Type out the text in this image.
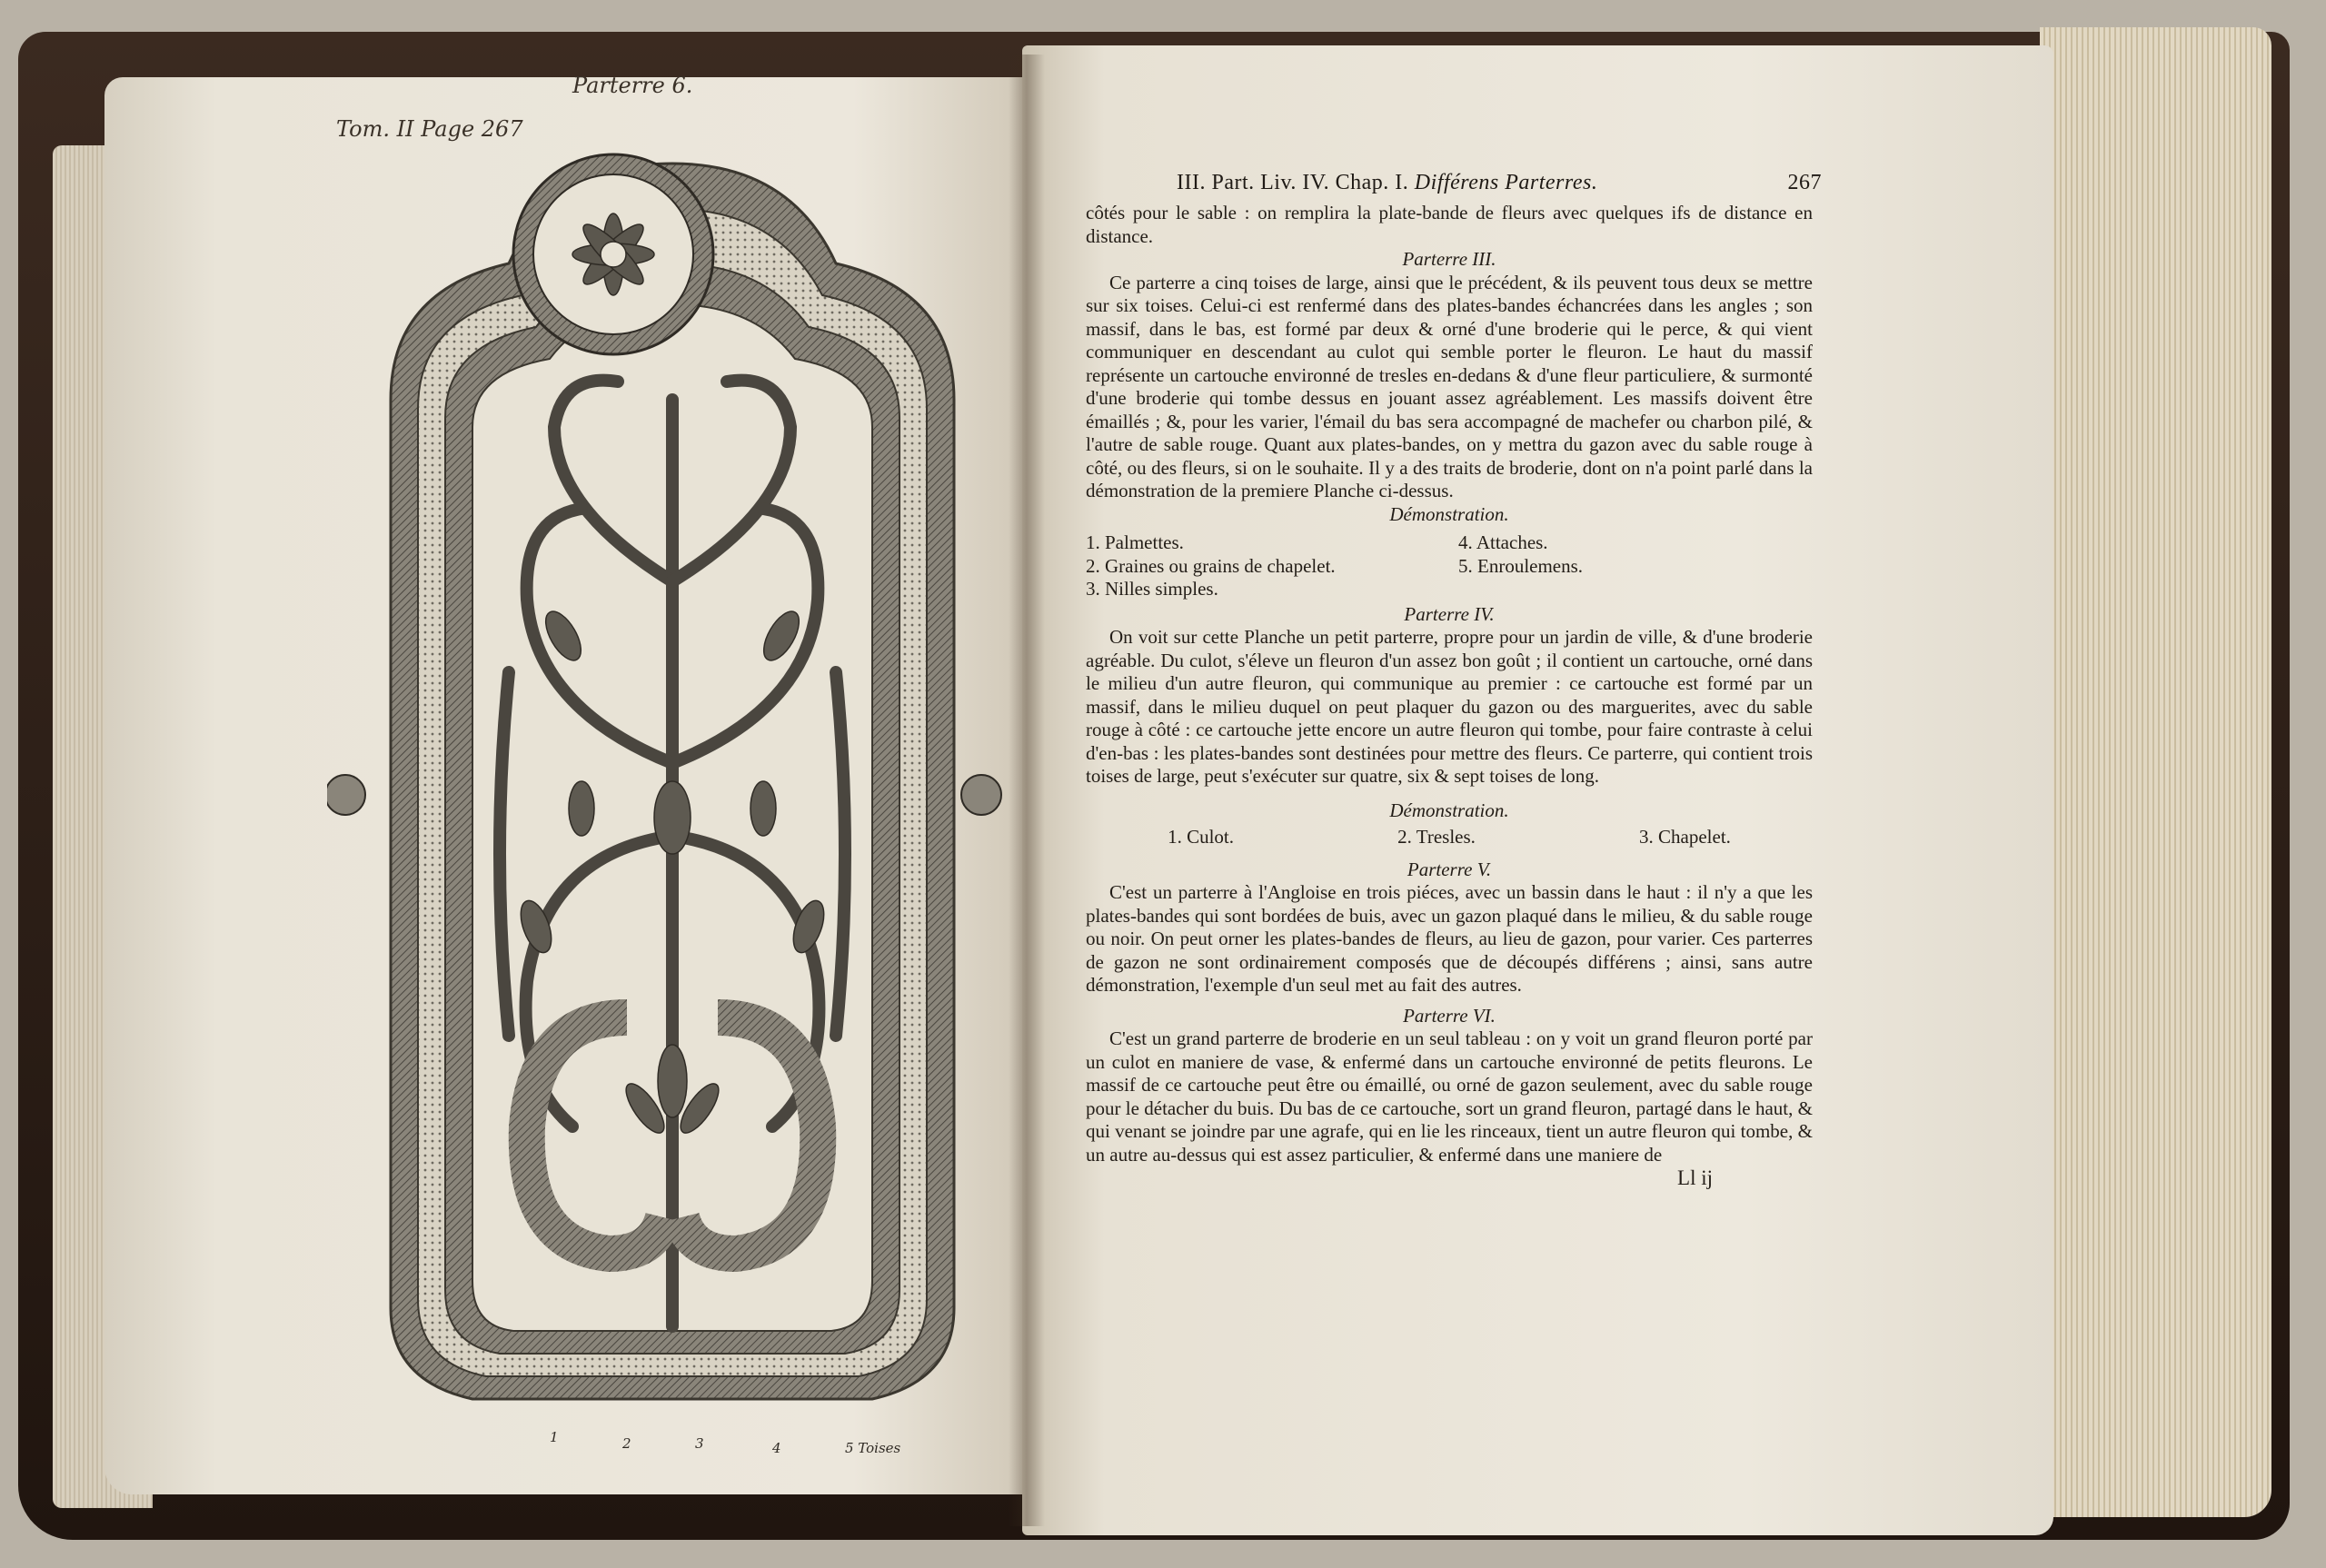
Tom. II Page 267
Parterre 6.
1	2	3	4	5 Toises
III. Part. Liv. IV. Chap. I. Différens Parterres.	267

côtés pour le sable : on remplira la plate-bande de fleurs avec quelques ifs de distance en distance.

Parterre III.

Ce parterre a cinq toises de large, ainsi que le précédent, & ils peuvent tous deux se mettre sur six toises. Celui-ci est renfermé dans des plates-bandes échancrées dans les angles ; son massif, dans le bas, est formé par deux & orné d'une broderie qui le perce, & qui vient communiquer en descendant au culot qui semble porter le fleuron. Le haut du massif représente un cartouche environné de tresles en-dedans & d'une fleur particuliere, & surmonté d'une broderie qui tombe dessus en jouant assez agréablement. Les massifs doivent être émaillés ; &, pour les varier, l'émail du bas sera accompagné de machefer ou charbon pilé, & l'autre de sable rouge. Quant aux plates-bandes, on y mettra du gazon avec du sable rouge à côté, ou des fleurs, si on le souhaite. Il y a des traits de broderie, dont on n'a point parlé dans la démonstration de la premiere Planche ci-dessus.

Démonstration.

1. Palmettes.	4. Attaches.
2. Graines ou grains de chapelet.	5. Enroulemens.
3. Nilles simples.

Parterre IV.

On voit sur cette Planche un petit parterre, propre pour un jardin de ville, & d'une broderie agréable. Du culot, s'éleve un fleuron d'un assez bon goût ; il contient un cartouche, orné dans le milieu d'un autre fleuron, qui communique au premier : ce cartouche est formé par un massif, dans le milieu duquel on peut plaquer du gazon ou des marguerites, avec du sable rouge à côté : ce cartouche jette encore un autre fleuron qui tombe, pour faire contraste à celui d'en-bas : les plates-bandes sont destinées pour mettre des fleurs. Ce parterre, qui contient trois toises de large, peut s'exécuter sur quatre, six & sept toises de long.

Démonstration.

1. Culot.	2. Tresles.	3. Chapelet.

Parterre V.

C'est un parterre à l'Angloise en trois piéces, avec un bassin dans le haut : il n'y a que les plates-bandes qui sont bordées de buis, avec un gazon plaqué dans le milieu, & du sable rouge ou noir. On peut orner les plates-bandes de fleurs, au lieu de gazon, pour varier. Ces parterres de gazon ne sont ordinairement composés que de découpés différens ; ainsi, sans autre démonstration, l'exemple d'un seul met au fait des autres.

Parterre VI.

C'est un grand parterre de broderie en un seul tableau : on y voit un grand fleuron porté par un culot en maniere de vase, & enfermé dans un cartouche environné de petits fleurons. Le massif de ce cartouche peut être ou émaillé, ou orné de gazon seulement, avec du sable rouge pour le détacher du buis. Du bas de ce cartouche, sort un grand fleuron, partagé dans le haut, & qui venant se joindre par une agrafe, qui en lie les rinceaux, tient un autre fleuron qui tombe, & un autre au-dessus qui est assez particulier, & enfermé dans une maniere de

Ll ij
